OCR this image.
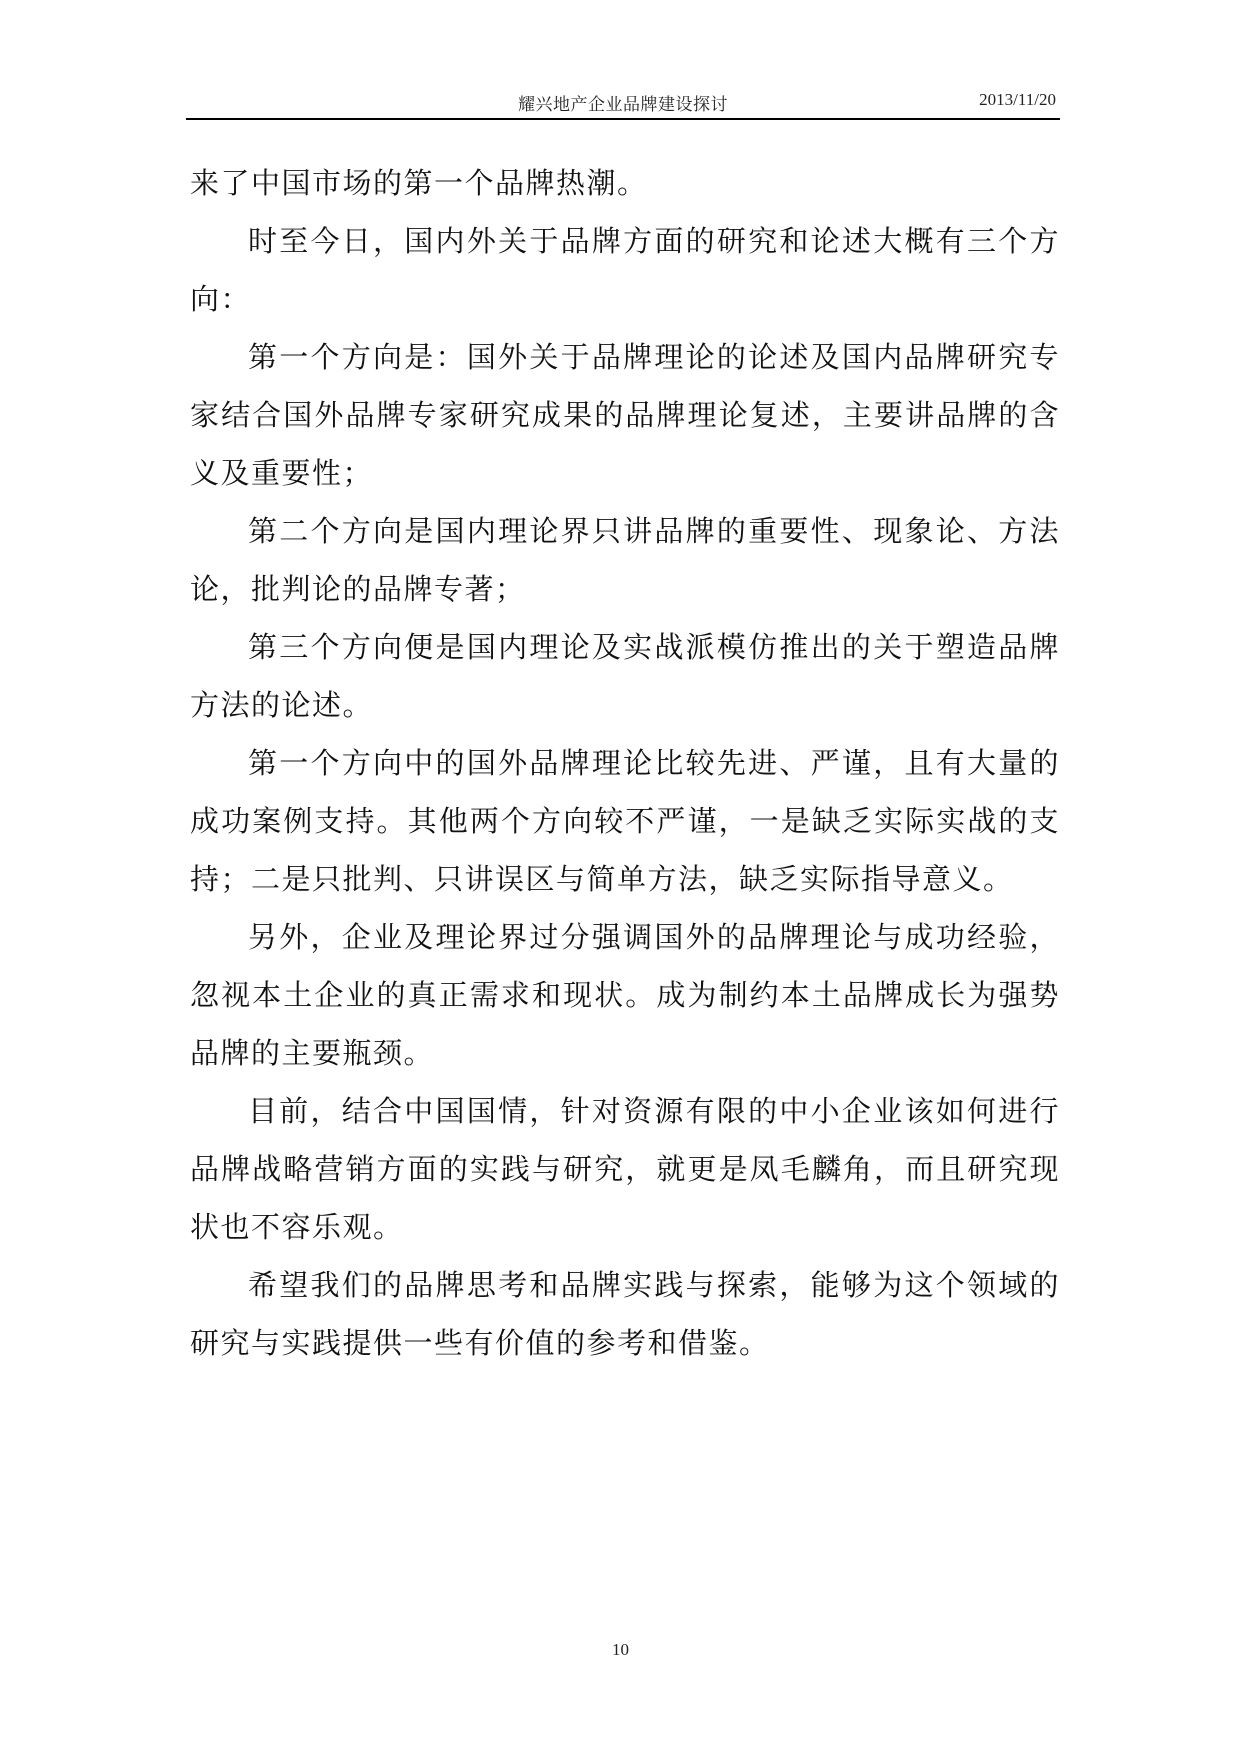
耀兴地产企业品牌建设探讨	2013/11/20

来了中国市场的第一个品牌热潮。

时至今日，国内外关于品牌方面的研究和论述大概有三个方向：

第一个方向是：国外关于品牌理论的论述及国内品牌研究专家结合国外品牌专家研究成果的品牌理论复述，主要讲品牌的含义及重要性；

第二个方向是国内理论界只讲品牌的重要性、现象论、方法论，批判论的品牌专著；

第三个方向便是国内理论及实战派模仿推出的关于塑造品牌方法的论述。

第一个方向中的国外品牌理论比较先进、严谨，且有大量的成功案例支持。其他两个方向较不严谨，一是缺乏实际实战的支持；二是只批判、只讲误区与简单方法，缺乏实际指导意义。

另外，企业及理论界过分强调国外的品牌理论与成功经验，忽视本土企业的真正需求和现状。成为制约本土品牌成长为强势品牌的主要瓶颈。

目前，结合中国国情，针对资源有限的中小企业该如何进行品牌战略营销方面的实践与研究，就更是凤毛麟角，而且研究现状也不容乐观。

希望我们的品牌思考和品牌实践与探索，能够为这个领域的研究与实践提供一些有价值的参考和借鉴。

10
